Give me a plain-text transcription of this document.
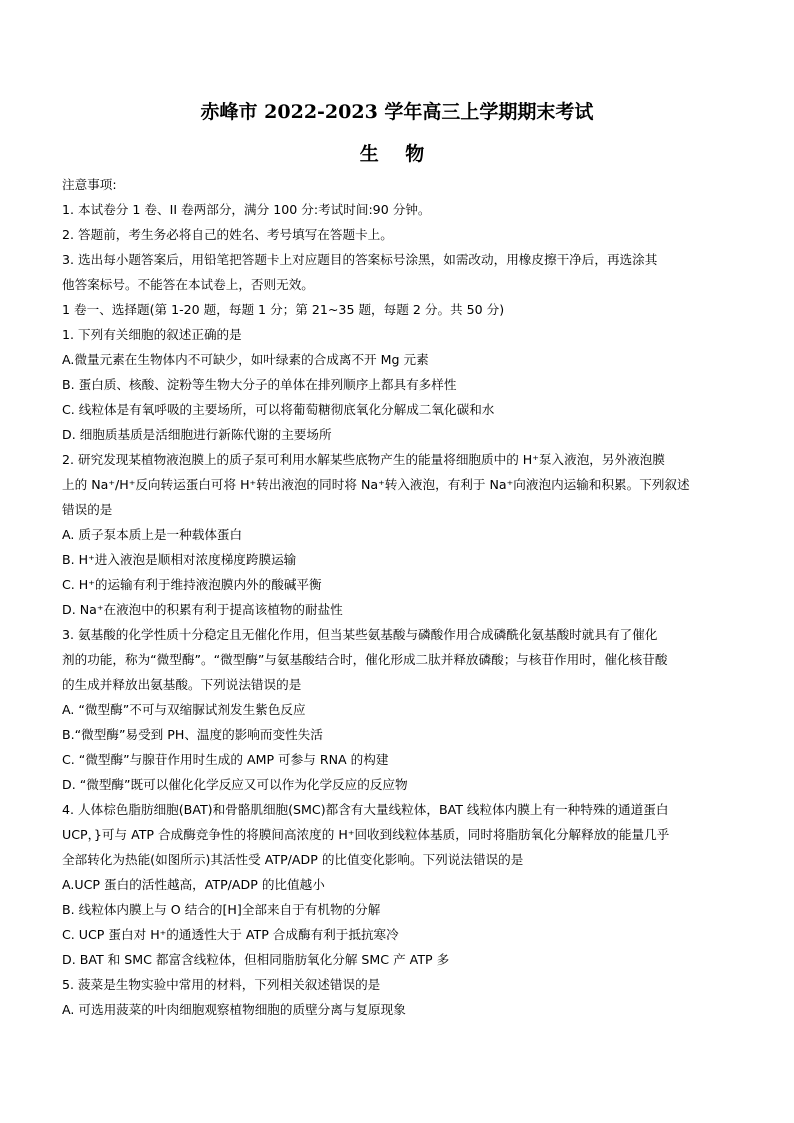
赤峰市 2022-2023 学年高三上学期期末考试
生 物
注意事项:
1. 本试卷分 1 卷、II 卷两部分，满分 100 分:考试时间:90 分钟。
2. 答题前，考生务必将自己的姓名、考号填写在答题卡上。
3. 选出每小题答案后，用铅笔把答题卡上对应题目的答案标号涂黑，如需改动，用橡皮擦干净后，再选涂其
他答案标号。不能答在本试卷上，否则无效。
1 卷一、选择题(第 1-20 题，每题 1 分；第 21~35 题，每题 2 分。共 50 分)
1. 下列有关细胞的叙述正确的是
A.微量元素在生物体内不可缺少，如叶绿素的合成离不开 Mg 元素
B. 蛋白质、核酸、淀粉等生物大分子的单体在排列顺序上都具有多样性
C. 线粒体是有氧呼吸的主要场所，可以将葡萄糖彻底氧化分解成二氧化碳和水
D. 细胞质基质是活细胞进行新陈代谢的主要场所
2. 研究发现某植物液泡膜上的质子泵可利用水解某些底物产生的能量将细胞质中的 H⁺泵入液泡，另外液泡膜
上的 Na⁺/H⁺反向转运蛋白可将 H⁺转出液泡的同时将 Na⁺转入液泡，有利于 Na⁺向液泡内运输和积累。下列叙述
错误的是
A. 质子泵本质上是一种载体蛋白
B. H⁺进入液泡是顺相对浓度梯度跨膜运输
C. H⁺的运输有利于维持液泡膜内外的酸碱平衡
D. Na⁺在液泡中的积累有利于提高该植物的耐盐性
3. 氨基酸的化学性质十分稳定且无催化作用，但当某些氨基酸与磷酸作用合成磷酰化氨基酸时就具有了催化
剂的功能，称为“微型酶”。“微型酶”与氨基酸结合时，催化形成二肽并释放磷酸；与核苷作用时，催化核苷酸
的生成并释放出氨基酸。下列说法错误的是
A. “微型酶”不可与双缩脲试剂发生紫色反应
B.“微型酶”易受到 PH、温度的影响而变性失活
C. “微型酶”与腺苷作用时生成的 AMP 可参与 RNA 的构建
D. “微型酶”既可以催化化学反应又可以作为化学反应的反应物
4. 人体棕色脂肪细胞(BAT)和骨骼肌细胞(SMC)都含有大量线粒体，BAT 线粒体内膜上有一种特殊的通道蛋白
UCP，}可与 ATP 合成酶竞争性的将膜间高浓度的 H⁺回收到线粒体基质，同时将脂肪氧化分解释放的能量几乎
全部转化为热能(如图所示)其活性受 ATP/ADP 的比值变化影响。下列说法错误的是
A.UCP 蛋白的活性越高，ATP/ADP 的比值越小
B. 线粒体内膜上与 O 结合的[H]全部来自于有机物的分解
C. UCP 蛋白对 H⁺的通透性大于 ATP 合成酶有利于抵抗寒冷
D. BAT 和 SMC 都富含线粒体，但相同脂肪氧化分解 SMC 产 ATP 多
5. 菠菜是生物实验中常用的材料，下列相关叙述错误的是
A. 可选用菠菜的叶肉细胞观察植物细胞的质壁分离与复原现象
